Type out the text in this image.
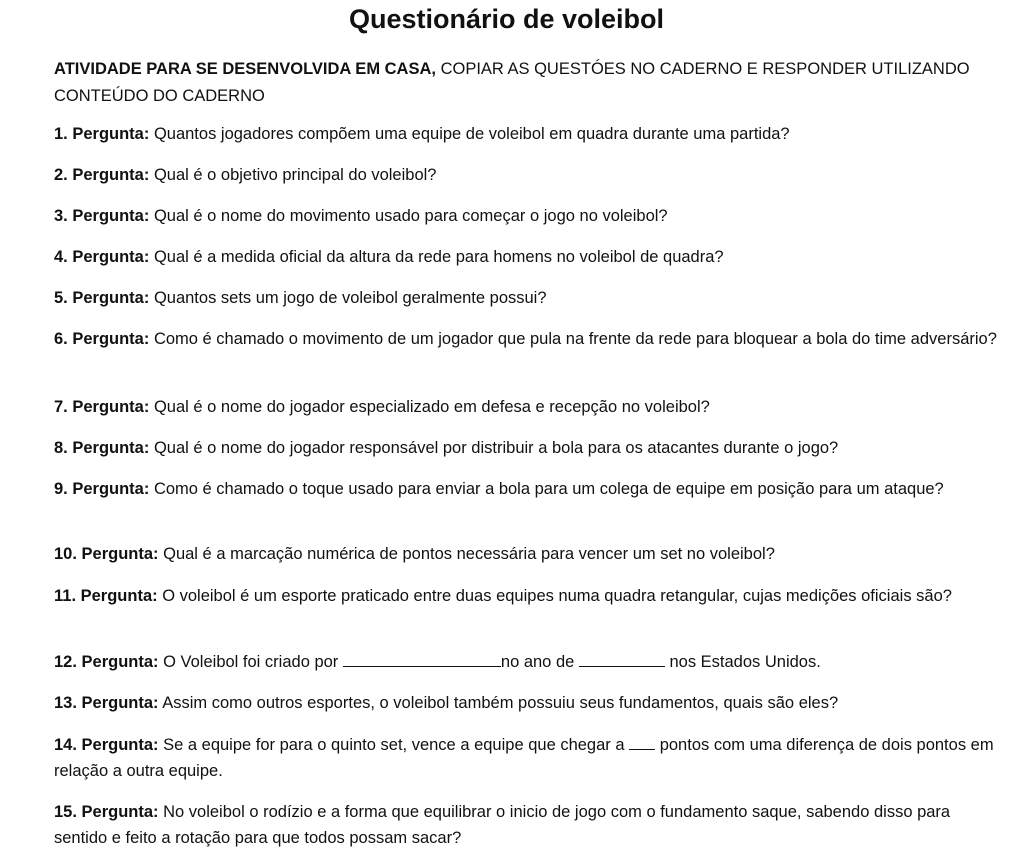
Questionário de voleibol

ATIVIDADE PARA SE DESENVOLVIDA EM CASA, COPIAR AS QUESTÓES NO CADERNO E RESPONDER UTILIZANDO CONTEÚDO DO CADERNO

1. Pergunta: Quantos jogadores compõem uma equipe de voleibol em quadra durante uma partida?

2. Pergunta: Qual é o objetivo principal do voleibol?

3. Pergunta: Qual é o nome do movimento usado para começar o jogo no voleibol?

4. Pergunta: Qual é a medida oficial da altura da rede para homens no voleibol de quadra?

5. Pergunta: Quantos sets um jogo de voleibol geralmente possui?

6. Pergunta: Como é chamado o movimento de um jogador que pula na frente da rede para bloquear a bola do time adversário?

7. Pergunta: Qual é o nome do jogador especializado em defesa e recepção no voleibol?

8. Pergunta: Qual é o nome do jogador responsável por distribuir a bola para os atacantes durante o jogo?

9. Pergunta: Como é chamado o toque usado para enviar a bola para um colega de equipe em posição para um ataque?

10. Pergunta: Qual é a marcação numérica de pontos necessária para vencer um set no voleibol?

11. Pergunta: O voleibol é um esporte praticado entre duas equipes numa quadra retangular, cujas medições oficiais são?

12. Pergunta: O Voleibol foi criado por	no ano de	nos Estados Unidos.

13. Pergunta: Assim como outros esportes, o voleibol também possuiu seus fundamentos, quais são eles?

14. Pergunta: Se a equipe for para o quinto set, vence a equipe que chegar a  pontos com uma diferença de dois pontos em relação a outra equipe.

15. Pergunta: No voleibol o rodízio e a forma que equilibrar o inicio de jogo com o fundamento saque, sabendo disso para sentido e feito a rotação para que todos possam sacar?
